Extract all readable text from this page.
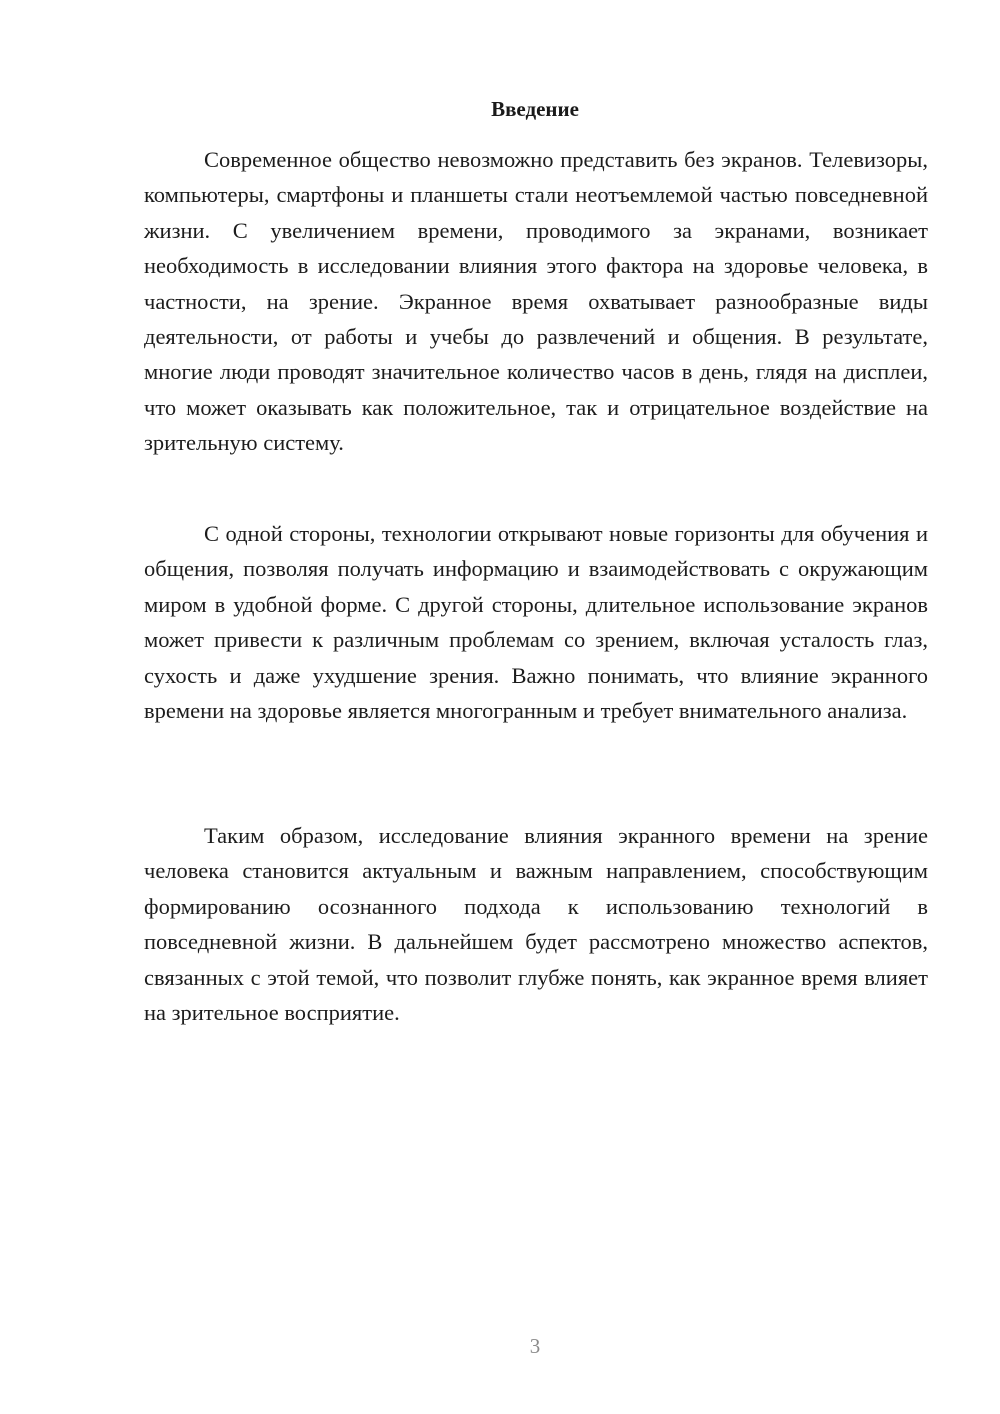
Введение

Современное общество невозможно представить без экранов. Телевизоры, компьютеры, смартфоны и планшеты стали неотъемлемой частью повседневной жизни. С увеличением времени, проводимого за экранами, возникает необходимость в исследовании влияния этого фактора на здоровье человека, в частности, на зрение. Экранное время охватывает разнообразные виды деятельности, от работы и учебы до развлечений и общения. В результате, многие люди проводят значительное количество часов в день, глядя на дисплеи, что может оказывать как положительное, так и отрицательное воздействие на зрительную систему.

С одной стороны, технологии открывают новые горизонты для обучения и общения, позволяя получать информацию и взаимодействовать с окружающим миром в удобной форме. С другой стороны, длительное использование экранов может привести к различным проблемам со зрением, включая усталость глаз, сухость и даже ухудшение зрения. Важно понимать, что влияние экранного времени на здоровье является многогранным и требует внимательного анализа.

Таким образом, исследование влияния экранного времени на зрение человека становится актуальным и важным направлением, способствующим формированию осознанного подхода к использованию технологий в повседневной жизни. В дальнейшем будет рассмотрено множество аспектов, связанных с этой темой, что позволит глубже понять, как экранное время влияет на зрительное восприятие.

3
